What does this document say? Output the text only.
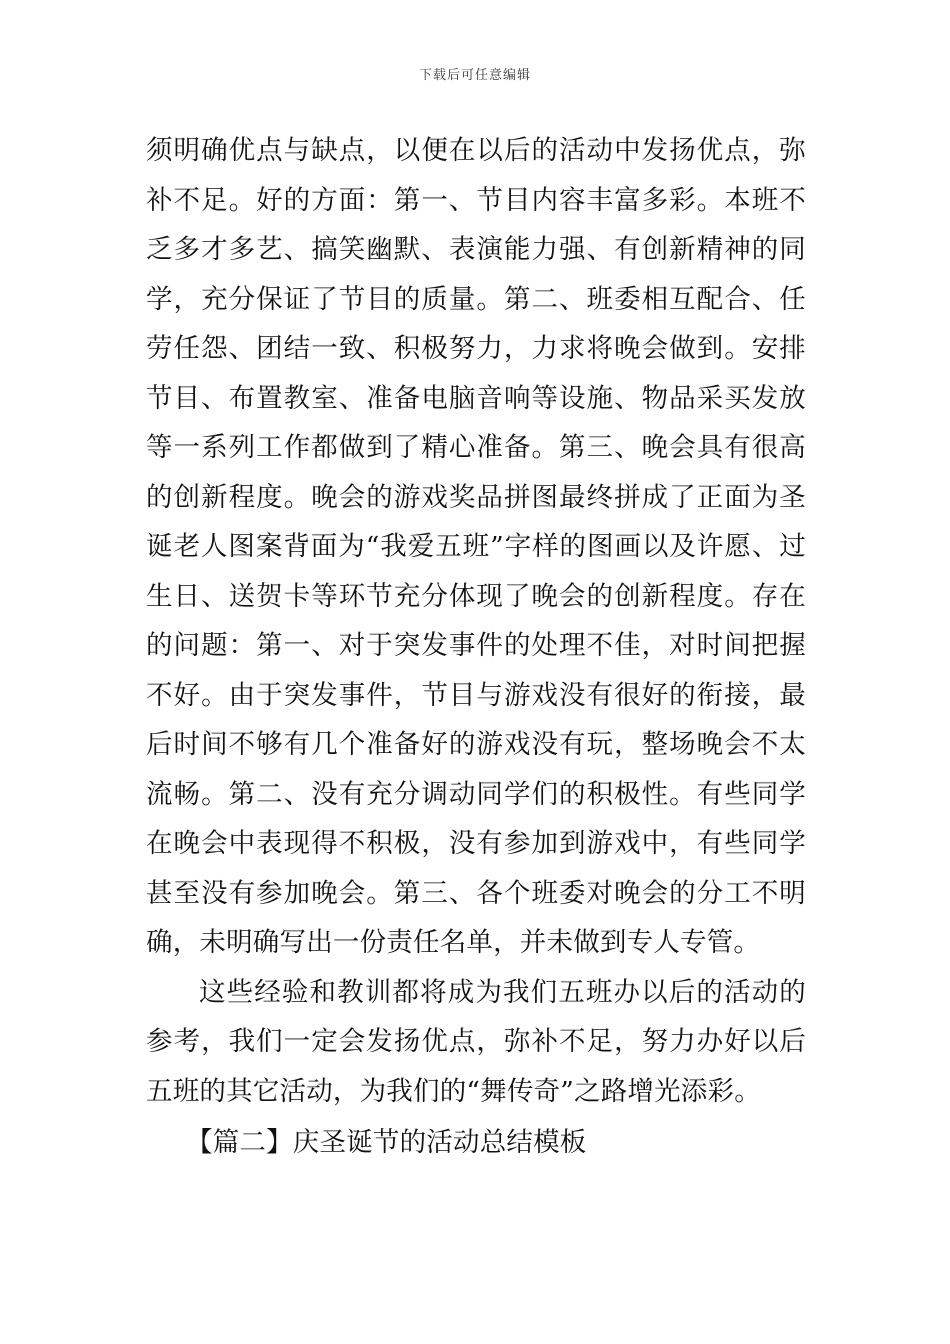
下载后可任意编辑

须明确优点与缺点，以便在以后的活动中发扬优点，弥补不足。好的方面：第一、节目内容丰富多彩。本班不乏多才多艺、搞笑幽默、表演能力强、有创新精神的同学，充分保证了节目的质量。第二、班委相互配合、任劳任怨、团结一致、积极努力，力求将晚会做到。安排节目、布置教室、准备电脑音响等设施、物品采买发放等一系列工作都做到了精心准备。第三、晚会具有很高的创新程度。晚会的游戏奖品拼图最终拼成了正面为圣诞老人图案背面为“我爱五班”字样的图画以及许愿、过生日、送贺卡等环节充分体现了晚会的创新程度。存在的问题：第一、对于突发事件的处理不佳，对时间把握不好。由于突发事件，节目与游戏没有很好的衔接，最后时间不够有几个准备好的游戏没有玩，整场晚会不太流畅。第二、没有充分调动同学们的积极性。有些同学在晚会中表现得不积极，没有参加到游戏中，有些同学甚至没有参加晚会。第三、各个班委对晚会的分工不明确，未明确写出一份责任名单，并未做到专人专管。

这些经验和教训都将成为我们五班办以后的活动的参考，我们一定会发扬优点，弥补不足，努力办好以后五班的其它活动，为我们的“舞传奇”之路增光添彩。

【篇二】庆圣诞节的活动总结模板
